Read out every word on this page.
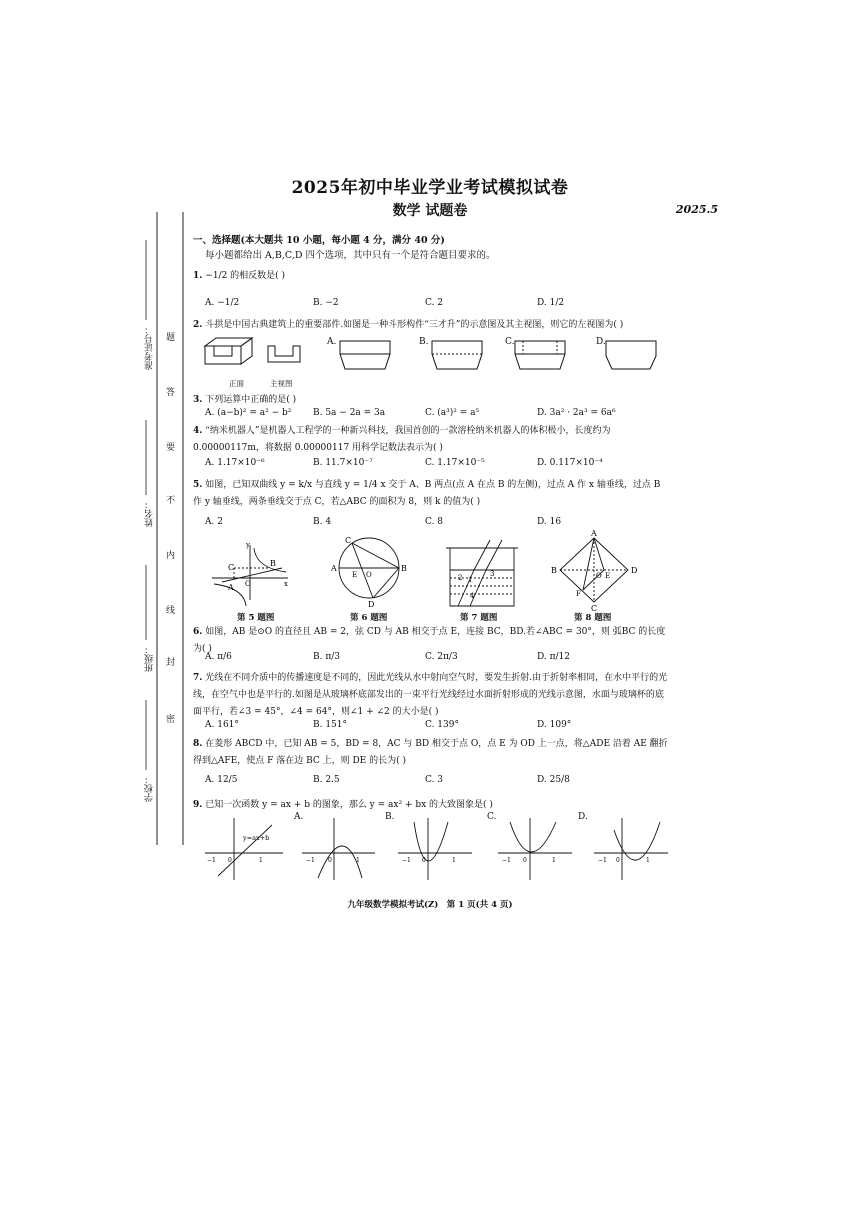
2025年初中毕业学业考试模拟试卷
数学 试题卷	2025.5
准考证号：
姓名：
班级：
学校：
题
答
要
不
内
线
封
密
一、选择题(本大题共 10 小题，每小题 4 分，满分 40 分)
每小题都给出 A,B,C,D 四个选项，其中只有一个是符合题目要求的。
1. −1/2 的相反数是( )
A. −1/2	B. −2	C. 2	D. 1/2
2. 斗拱是中国古典建筑上的重要部件.如图是一种斗形构件“三才升”的示意图及其主视图，则它的左视图为( )
正面	主视图
A.	B.	C.	D.
3. 下列运算中正确的是( )
A. (a−b)² = a² − b²	B. 5a − 2a = 3a	C. (a³)² = a⁵	D. 3a² · 2a³ = 6a⁶
4. “纳米机器人”是机器人工程学的一种新兴科技，我国首创的一款溶栓纳米机器人的体积极小，长度约为 0.00000117m，将数据 0.00000117 用科学记数法表示为( )
A. 1.17×10⁻⁶	B. 11.7×10⁻⁷	C. 1.17×10⁻⁵	D. 0.117×10⁻⁴
5. 如图，已知双曲线 y = k/x 与直线 y = 1/4 x 交于 A、B 两点(点 A 在点 B 的左侧)，过点 A 作 x 轴垂线，过点 B 作 y 轴垂线，两条垂线交于点 C，若△ABC 的面积为 8，则 k 的值为( )
A. 2	B. 4	C. 8	D. 16
C
A
B
O	x
y	C
A	B
D
E O
1
2	3
4
A
B	D
C
F
O E
第 5 题图	第 6 题图	第 7 题图	第 8 题图
6. 如图，AB 是⊙O 的直径且 AB = 2，弦 CD 与 AB 相交于点 E，连接 BC，BD.若∠ABC = 30°，则 弧BC 的长度为( )
A. π/6	B. π/3	C. 2π/3	D. π/12
7. 光线在不同介质中的传播速度是不同的，因此光线从水中射向空气时，要发生折射.由于折射率相同，在水中平行的光线，在空气中也是平行的.如图是从玻璃杯底部发出的一束平行光线经过水面折射形成的光线示意图，水面与玻璃杯的底面平行，若∠3 = 45°，∠4 = 64°，则∠1 + ∠2 的大小是( )
A. 161°	B. 151°	C. 139°	D. 109°
8. 在菱形 ABCD 中，已知 AB = 5，BD = 8，AC 与 BD 相交于点 O，点 E 为 OD 上一点，将△ADE 沿着 AE 翻折得到△AFE，使点 F 落在边 BC 上，则 DE 的长为( )
A. 12/5	B. 2.5	C. 3	D. 25/8
9. 已知一次函数 y = ax + b 的图象，那么 y = ax² + bx 的大致图象是( )
A.	B.	C.	D.
y=ax+b
−1 0	1	−1 0	1	−1 0	1	−1 0	1	−1 0	1
九年级数学模拟考试(Z)　第 1 页(共 4 页)
